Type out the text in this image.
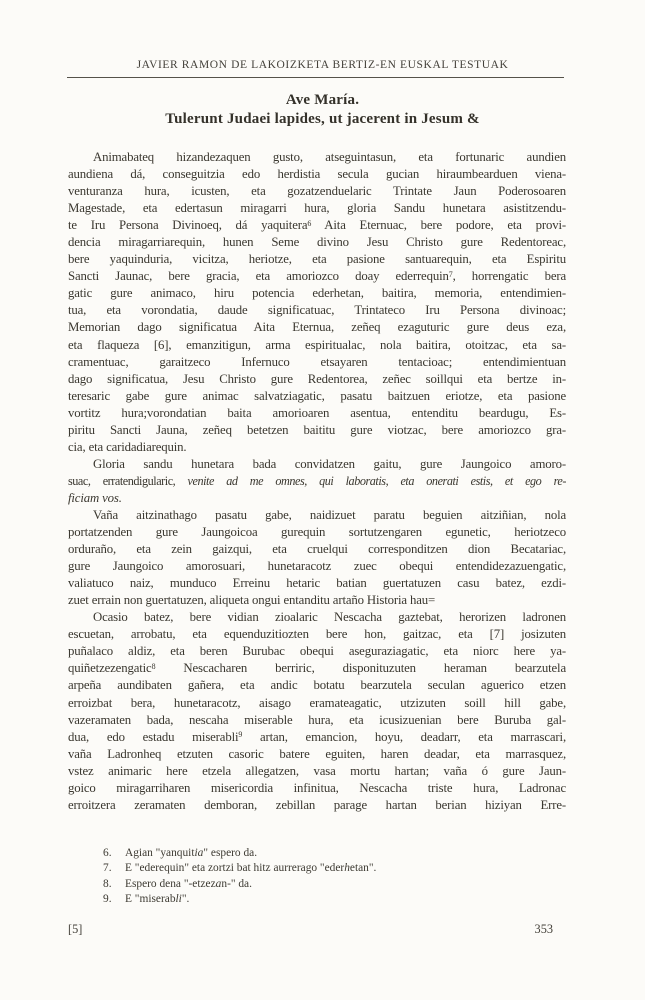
JAVIER RAMON DE LAKOIZKETA BERTIZ-EN EUSKAL TESTUAK
Ave María.
Tulerunt Judaei lapides, ut jacerent in Jesum &
Animabateq hizandezaquen gusto, atseguintasun, eta fortunaric aundien
aundiena dá, conseguitzia edo herdistia secula gucian hiraumbearduen viena-
venturanza hura, icusten, eta gozatzenduelaric Trintate Jaun Poderosoaren
Magestade, eta edertasun miragarri hura, gloria Sandu hunetara asistitzendu-
te Iru Persona Divinoeq, dá yaquitera$^6$ Aita Eternuac, bere podore, eta provi-
dencia miragarriarequin, hunen Seme divino Jesu Christo gure Redentoreac,
bere yaquinduria, vicitza, heriotze, eta pasione santuarequin, eta Espiritu
Sancti Jaunac, bere gracia, eta amoriozco doay ederrequin$^7$, horrengatic bera
gatic gure animaco, hiru potencia ederhetan, baitira, memoria, entendimien-
tua, eta vorondatia, daude significatuac, Trintateco Iru Persona divinoac;
Memorian dago significatua Aita Eternua, zeñeq ezaguturic gure deus eza,
eta flaqueza [6], emanzitigun, arma espiritualac, nola baitira, otoitzac, eta sa-
cramentuac, garaitzeco Infernuco etsayaren tentacioac; entendimientuan
dago significatua, Jesu Christo gure Redentorea, zeñec soillqui eta bertze in-
teresaric gabe gure animac salvatziagatic, pasatu baitzuen eriotze, eta pasione
vortitz hura;vorondatian baita amorioaren asentua, entenditu beardugu, Es-
piritu Sancti Jauna, zeñeq betetzen baititu gure viotzac, bere amoriozco gra-
cia, eta caridadiarequin.
Gloria sandu hunetara bada convidatzen gaitu, gure Jaungoico amoro-
suac, erratendigularic, venite ad me omnes, qui laboratis, eta onerati estis, et ego re-
ficiam vos.
Vaña aitzinathago pasatu gabe, naidizuet paratu beguien aitziñian, nola
portatzenden gure Jaungoicoa gurequin sortutzengaren egunetic, heriotzeco
orduraño, eta zein gaizqui, eta cruelqui corresponditzen dion Becatariac,
gure Jaungoico amorosuari, hunetaracotz zuec obequi entendidezazuengatic,
valiatuco naiz, munduco Erreinu hetaric batian guertatuzen casu batez, ezdi-
zuet errain non guertatuzen, aliqueta ongui entanditu artaño Historia hau=
Ocasio batez, bere vidian zioalaric Nescacha gaztebat, herorizen ladronen
escuetan, arrobatu, eta equenduzitiozten bere hon, gaitzac, eta [7] josizuten
puñalaco aldiz, eta beren Burubac obequi aseguraziagatic, eta niorc here ya-
quiñetzezengatic$^8$ Nescacharen berriric, disponituzuten heraman bearzutela
arpeña aundibaten gañera, eta andic botatu bearzutela seculan aguerico etzen
erroizbat bera, hunetaracotz, aisago eramateagatic, utzizuten soill hill gabe,
vazeramaten bada, nescaha miserable hura, eta icusizuenian bere Buruba gal-
dua, edo estadu miserabli$^9$ artan, emancion, hoyu, deadarr, eta marrascari,
vaña Ladronheq etzuten casoric batere eguiten, haren deadar, eta marrasquez,
vstez animaric here etzela allegatzen, vasa mortu hartan; vaña ó gure Jaun-
goico miragarriharen misericordia infinitua, Nescacha triste hura, Ladronac
erroitzera zeramaten demboran, zebillan parage hartan berian hiziyan Erre-
6.	Agian "yanquitia" espero da.
7.	E "ederequin" eta zortzi bat hitz aurrerago "ederhetan".
8.	Espero dena "-etzezan-" da.
9.	E "miserabli".
[5]	353
